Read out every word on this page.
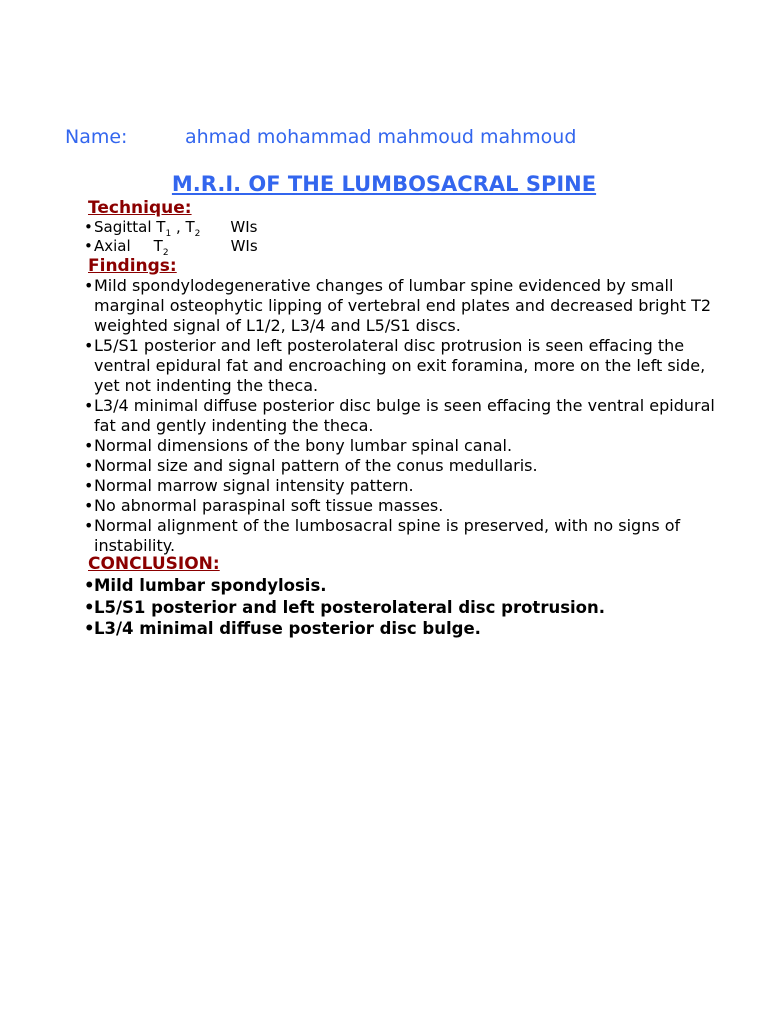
Name:	ahmad mohammad mahmoud mahmoud
M.R.I. OF THE LUMBOSACRAL SPINE
Technique:
•Sagittal $T_1$ , $T_2$ WIs
•Axial $T_2$	WIs
Findings:
• Mild spondylodegenerative changes of lumbar spine evidenced by small marginal osteophytic lipping of vertebral end plates and decreased bright T2 weighted signal of L1/2, L3/4 and L5/S1 discs.
• L5/S1 posterior and left posterolateral disc protrusion is seen effacing the ventral epidural fat and encroaching on exit foramina, more on the left side, yet not indenting the theca.
• L3/4 minimal diffuse posterior disc bulge is seen effacing the ventral epidural fat and gently indenting the theca.
• Normal dimensions of the bony lumbar spinal canal.
• Normal size and signal pattern of the conus medullaris.
• Normal marrow signal intensity pattern.
• No abnormal paraspinal soft tissue masses.
• Normal alignment of the lumbosacral spine is preserved, with no signs of instability.
CONCLUSION:
• Mild lumbar spondylosis.
• L5/S1 posterior and left posterolateral disc protrusion.
• L3/4 minimal diffuse posterior disc bulge.
